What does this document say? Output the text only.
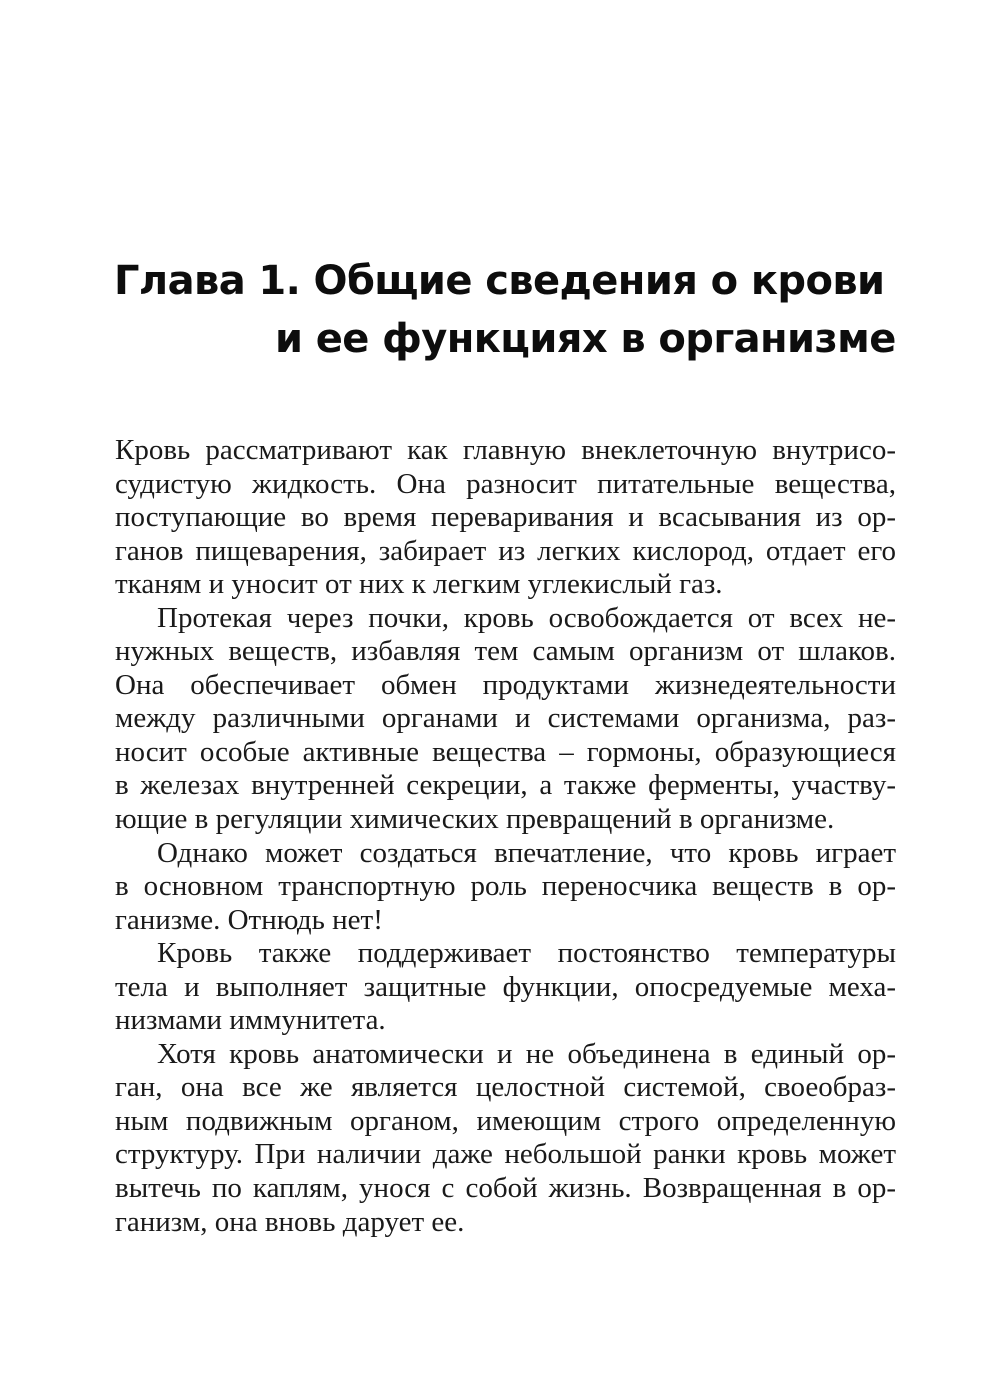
Глава 1. Общие сведения о крови
и ее функциях в организме
Кровь рассматривают как главную внеклеточную внутрисо-
судистую жидкость. Она разносит питательные вещества,
поступающие во время переваривания и всасывания из ор-
ганов пищеварения, забирает из легких кислород, отдает его
тканям и уносит от них к легким углекислый газ.
Протекая через почки, кровь освобождается от всех не-
нужных веществ, избавляя тем самым организм от шлаков.
Она обеспечивает обмен продуктами жизнедеятельности
между различными органами и системами организма, раз-
носит особые активные вещества – гормоны, образующиеся
в железах внутренней секреции, а также ферменты, участву-
ющие в регуляции химических превращений в организме.
Однако может создаться впечатление, что кровь играет
в основном транспортную роль переносчика веществ в ор-
ганизме. Отнюдь нет!
Кровь также поддерживает постоянство температуры
тела и выполняет защитные функции, опосредуемые меха-
низмами иммунитета.
Хотя кровь анатомически и не объединена в единый ор-
ган, она все же является целостной системой, своеобраз-
ным подвижным органом, имеющим строго определенную
структуру. При наличии даже небольшой ранки кровь может
вытечь по каплям, унося с собой жизнь. Возвращенная в ор-
ганизм, она вновь дарует ее.
